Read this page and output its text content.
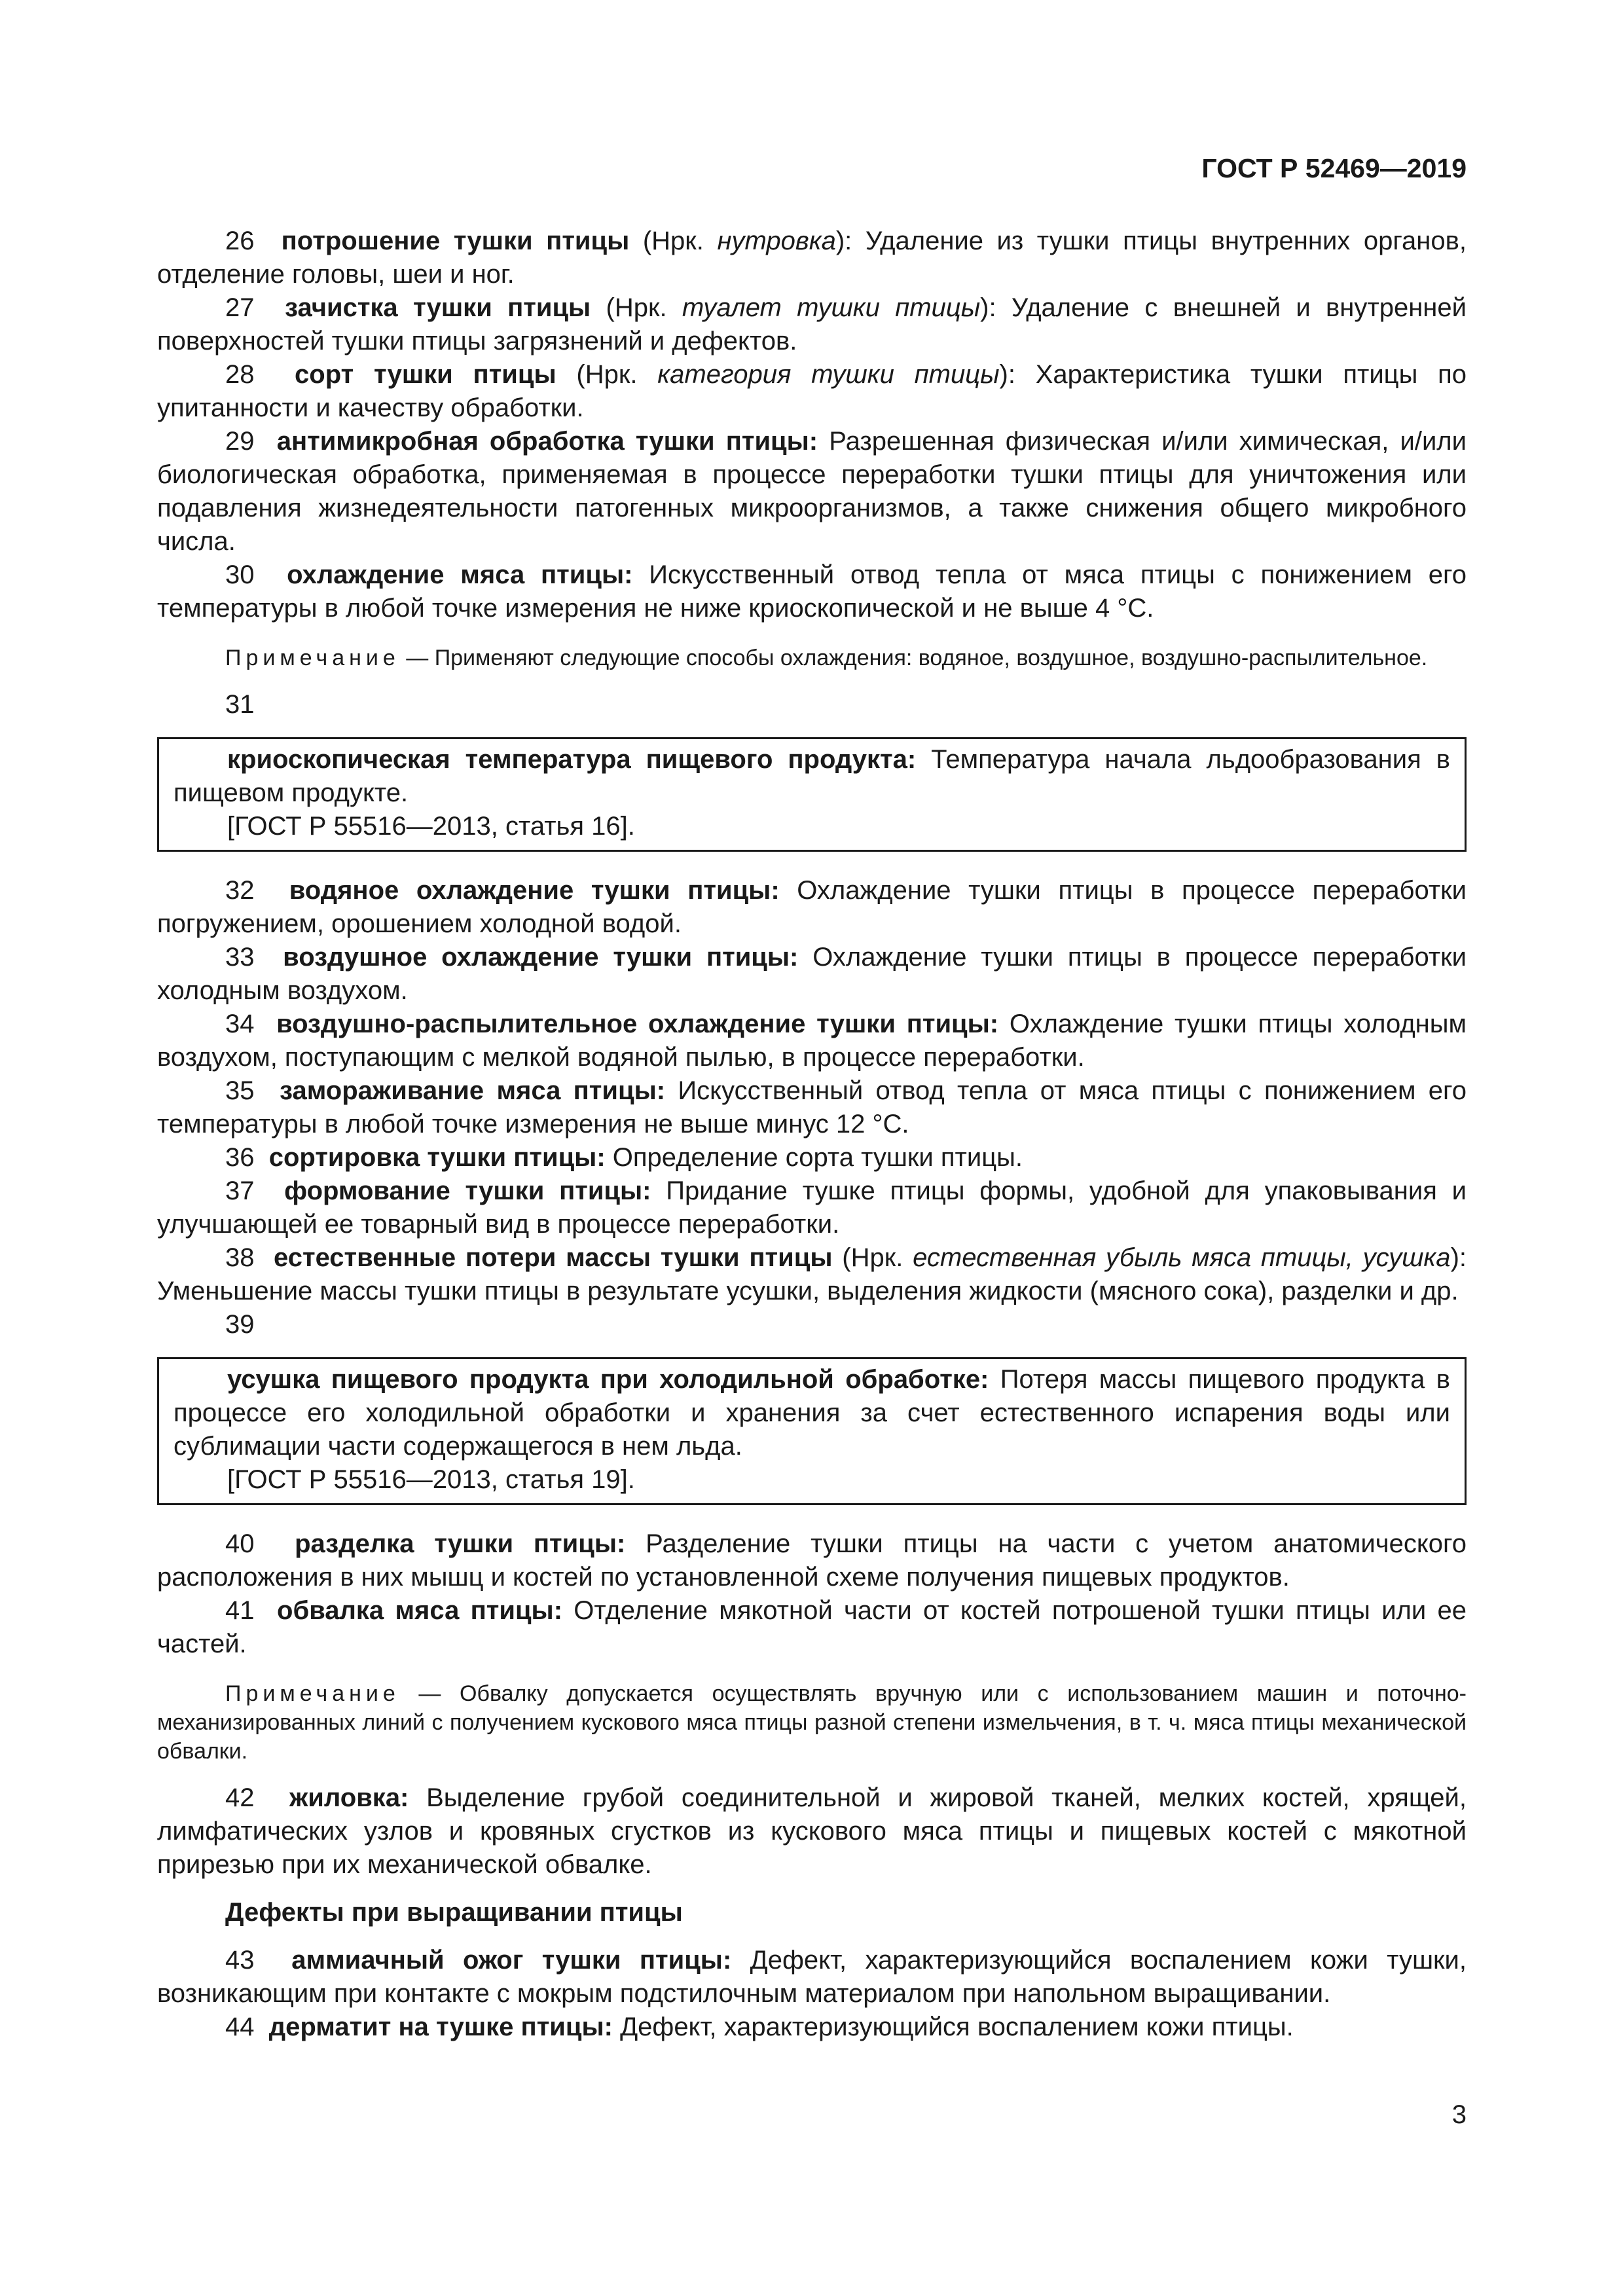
ГОСТ Р 52469—2019

26 потрошение тушки птицы (Нрк. нутровка): Удаление из тушки птицы внутренних органов, отделение головы, шеи и ног.

27 зачистка тушки птицы (Нрк. туалет тушки птицы): Удаление с внешней и внутренней поверхностей тушки птицы загрязнений и дефектов.

28 сорт тушки птицы (Нрк. категория тушки птицы): Характеристика тушки птицы по упитанности и качеству обработки.

29 антимикробная обработка тушки птицы: Разрешенная физическая и/или химическая, и/или биологическая обработка, применяемая в процессе переработки тушки птицы для уничтожения или подавления жизнедеятельности патогенных микроорганизмов, а также снижения общего микробного числа.

30 охлаждение мяса птицы: Искусственный отвод тепла от мяса птицы с понижением его температуры в любой точке измерения не ниже криоскопической и не выше 4 °С.

Примечание — Применяют следующие способы охлаждения: водяное, воздушное, воздушно-распылительное.

31

криоскопическая температура пищевого продукта: Температура начала льдообразования в пищевом продукте.

[ГОСТ Р 55516—2013, статья 16].

32 водяное охлаждение тушки птицы: Охлаждение тушки птицы в процессе переработки погружением, орошением холодной водой.

33 воздушное охлаждение тушки птицы: Охлаждение тушки птицы в процессе переработки холодным воздухом.

34 воздушно-распылительное охлаждение тушки птицы: Охлаждение тушки птицы холодным воздухом, поступающим с мелкой водяной пылью, в процессе переработки.

35 замораживание мяса птицы: Искусственный отвод тепла от мяса птицы с понижением его температуры в любой точке измерения не выше минус 12 °С.

36 сортировка тушки птицы: Определение сорта тушки птицы.

37 формование тушки птицы: Придание тушке птицы формы, удобной для упаковывания и улучшающей ее товарный вид в процессе переработки.

38 естественные потери массы тушки птицы (Нрк. естественная убыль мяса птицы, усушка): Уменьшение массы тушки птицы в результате усушки, выделения жидкости (мясного сока), разделки и др.

39

усушка пищевого продукта при холодильной обработке: Потеря массы пищевого продукта в процессе его холодильной обработки и хранения за счет естественного испарения воды или сублимации части содержащегося в нем льда.

[ГОСТ Р 55516—2013, статья 19].

40 разделка тушки птицы: Разделение тушки птицы на части с учетом анатомического расположения в них мышц и костей по установленной схеме получения пищевых продуктов.

41 обвалка мяса птицы: Отделение мякотной части от костей потрошеной тушки птицы или ее частей.

Примечание — Обвалку допускается осуществлять вручную или с использованием машин и поточно-механизированных линий с получением кускового мяса птицы разной степени измельчения, в т. ч. мяса птицы механической обвалки.

42 жиловка: Выделение грубой соединительной и жировой тканей, мелких костей, хрящей, лимфатических узлов и кровяных сгустков из кускового мяса птицы и пищевых костей с мякотной прирезью при их механической обвалке.

Дефекты при выращивании птицы

43 аммиачный ожог тушки птицы: Дефект, характеризующийся воспалением кожи тушки, возникающим при контакте с мокрым подстилочным материалом при напольном выращивании.

44 дерматит на тушке птицы: Дефект, характеризующийся воспалением кожи птицы.

3
